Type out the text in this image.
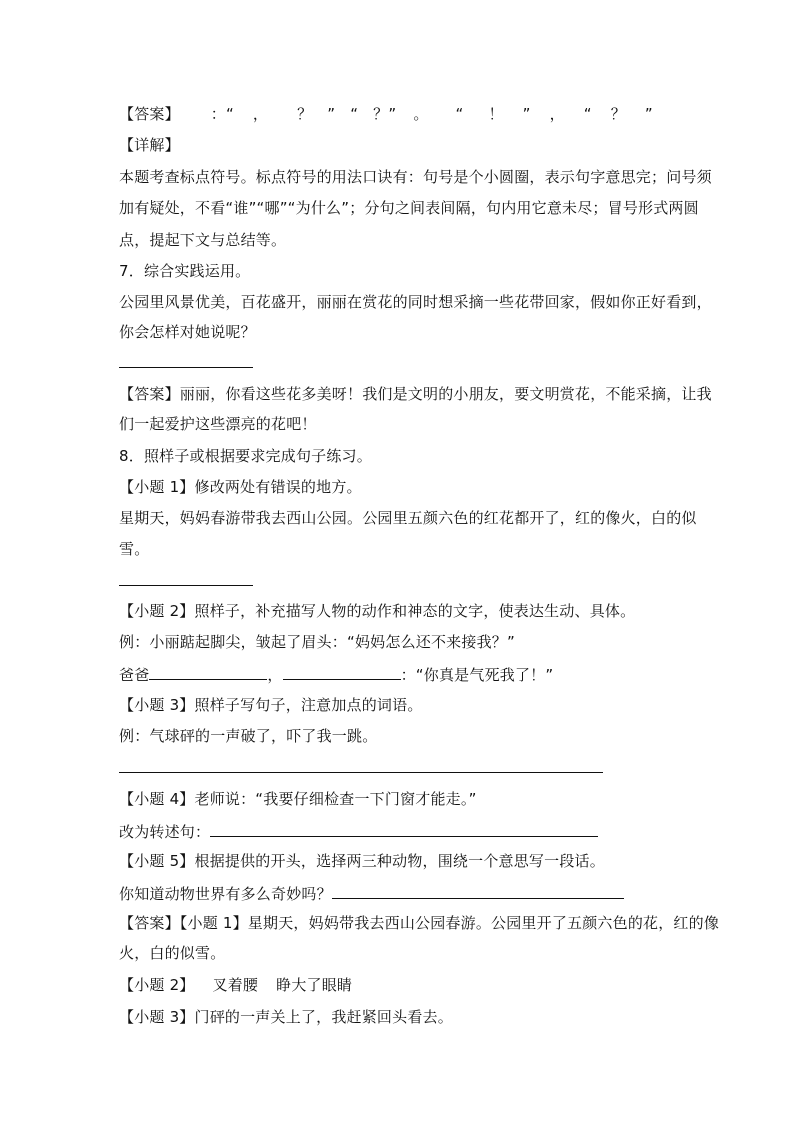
【答案】 ：“ ， ？ ” “ ？” 。 “ ！ ” ， “ ？ ”
【详解】
本题考查标点符号。标点符号的用法口诀有：句号是个小圆圈，表示句字意思完；问号须
加有疑处，不看“谁”“哪”“为什么”；分句之间表间隔，句内用它意未尽；冒号形式两圆
点，提起下文与总结等。
7．综合实践运用。
公园里风景优美，百花盛开，丽丽在赏花的同时想采摘一些花带回家，假如你正好看到，
你会怎样对她说呢？
【答案】丽丽，你看这些花多美呀！我们是文明的小朋友，要文明赏花，不能采摘，让我
们一起爱护这些漂亮的花吧！
8．照样子或根据要求完成句子练习。
【小题 1】修改两处有错误的地方。
星期天，妈妈春游带我去西山公园。公园里五颜六色的红花都开了，红的像火，白的似
雪。
【小题 2】照样子，补充描写人物的动作和神态的文字，使表达生动、具体。
例：小丽踮起脚尖，皱起了眉头：“妈妈怎么还不来接我？”
爸爸	，	：“你真是气死我了！”
【小题 3】照样子写句子，注意加点的词语。
例：气球砰的一声破了，吓了我一跳。
【小题 4】老师说：“我要仔细检查一下门窗才能走。”
改为转述句：
【小题 5】根据提供的开头，选择两三种动物，围绕一个意思写一段话。
你知道动物世界有多么奇妙吗？
【答案】【小题 1】星期天，妈妈带我去西山公园春游。公园里开了五颜六色的花，红的像
火，白的似雪。
【小题 2】 叉着腰 睁大了眼睛
【小题 3】门砰的一声关上了，我赶紧回头看去。
